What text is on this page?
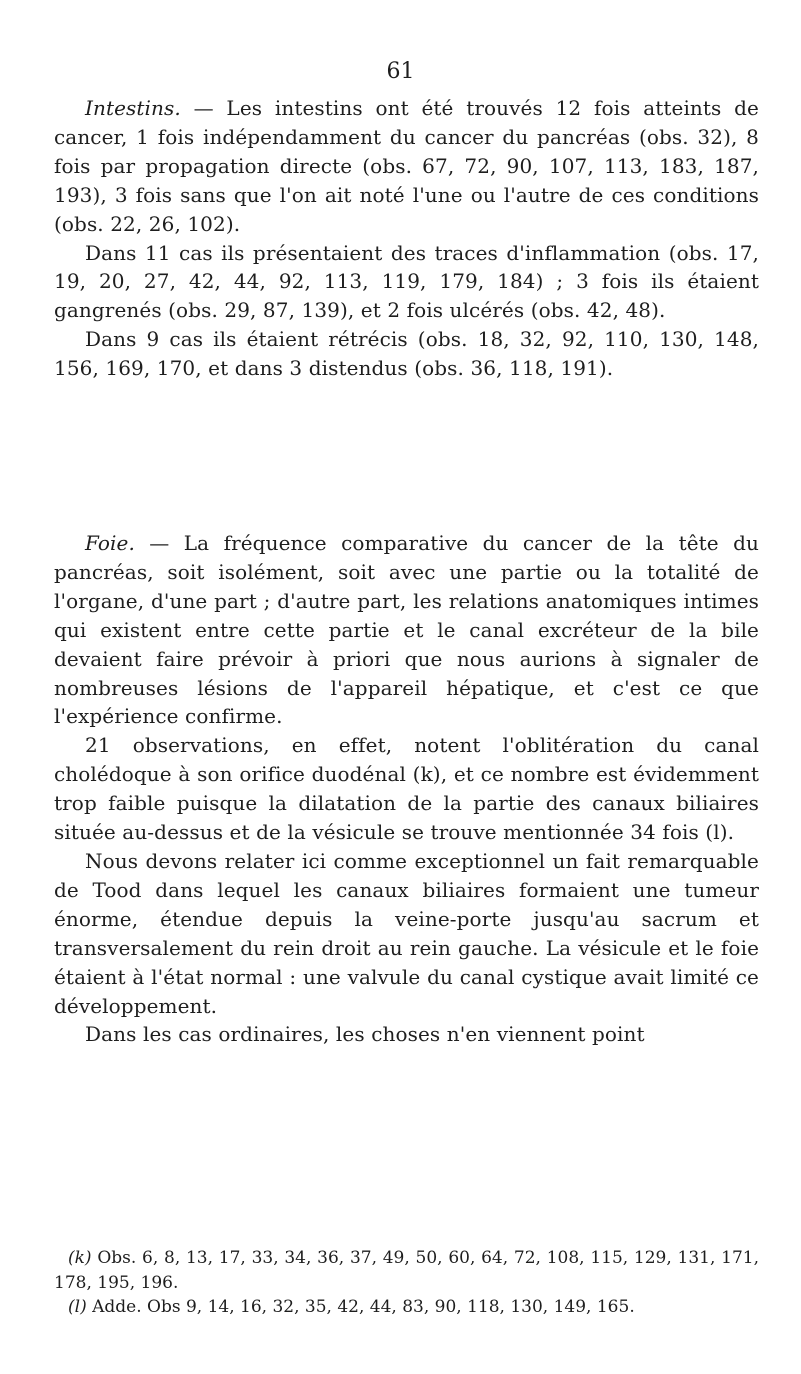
61

Intestins. — Les intestins ont été trouvés 12 fois atteints de cancer, 1 fois indépendamment du cancer du pancréas (obs. 32), 8 fois par propagation directe (obs. 67, 72, 90, 107, 113, 183, 187, 193), 3 fois sans que l'on ait noté l'une ou l'autre de ces conditions (obs. 22, 26, 102).

Dans 11 cas ils présentaient des traces d'inflammation (obs. 17, 19, 20, 27, 42, 44, 92, 113, 119, 179, 184) ; 3 fois ils étaient gangrenés (obs. 29, 87, 139), et 2 fois ulcérés (obs. 42, 48).

Dans 9 cas ils étaient rétrécis (obs. 18, 32, 92, 110, 130, 148, 156, 169, 170, et dans 3 distendus (obs. 36, 118, 191).

Foie. — La fréquence comparative du cancer de la tête du pancréas, soit isolément, soit avec une partie ou la totalité de l'organe, d'une part ; d'autre part, les relations anatomiques intimes qui existent entre cette partie et le canal excréteur de la bile devaient faire prévoir à priori que nous aurions à signaler de nombreuses lésions de l'appareil hépatique, et c'est ce que l'expérience confirme.

21 observations, en effet, notent l'oblitération du canal cholédoque à son orifice duodénal (k), et ce nombre est évidemment trop faible puisque la dilatation de la partie des canaux biliaires située au-dessus et de la vésicule se trouve mentionnée 34 fois (l).

Nous devons relater ici comme exceptionnel un fait remarquable de Tood dans lequel les canaux biliaires formaient une tumeur énorme, étendue depuis la veine-porte jusqu'au sacrum et transversalement du rein droit au rein gauche. La vésicule et le foie étaient à l'état normal : une valvule du canal cystique avait limité ce développement.

Dans les cas ordinaires, les choses n'en viennent point

(k) Obs. 6, 8, 13, 17, 33, 34, 36, 37, 49, 50, 60, 64, 72, 108, 115, 129, 131, 171, 178, 195, 196.

(l) Adde. Obs 9, 14, 16, 32, 35, 42, 44, 83, 90, 118, 130, 149, 165.
